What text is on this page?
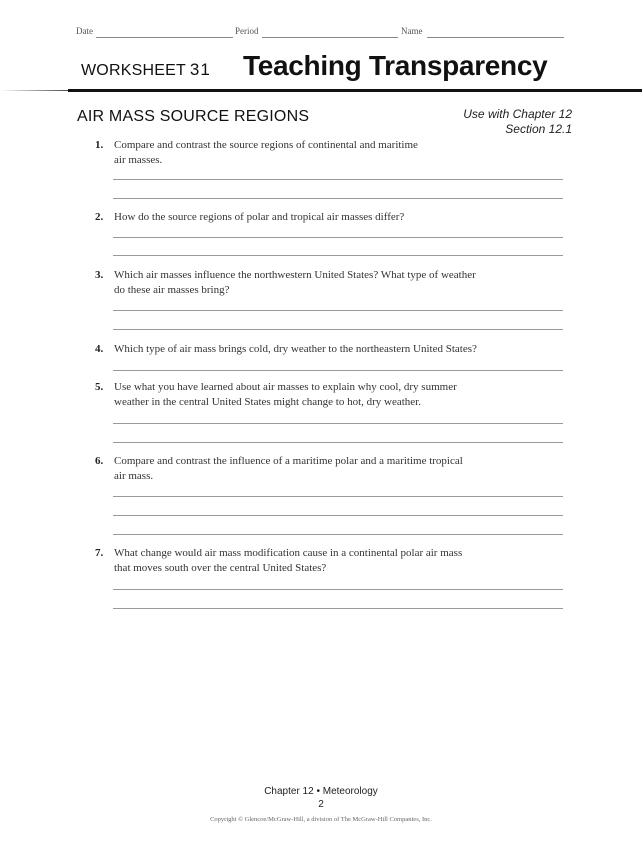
Date	Period	Name
WORKSHEET 31 Teaching Transparency
AIR MASS SOURCE REGIONS	Use with Chapter 12
Section 12.1
1. Compare and contrast the source regions of continental and maritime
air masses.
2. How do the source regions of polar and tropical air masses differ?
3. Which air masses influence the northwestern United States? What type of weather
do these air masses bring?
4. Which type of air mass brings cold, dry weather to the northeastern United States?
5. Use what you have learned about air masses to explain why cool, dry summer
weather in the central United States might change to hot, dry weather.
6. Compare and contrast the influence of a maritime polar and a maritime tropical
air mass.
7. What change would air mass modification cause in a continental polar air mass
that moves south over the central United States?
Chapter 12 • Meteorology
2
Copyright © Glencoe/McGraw-Hill, a division of The McGraw-Hill Companies, Inc.
